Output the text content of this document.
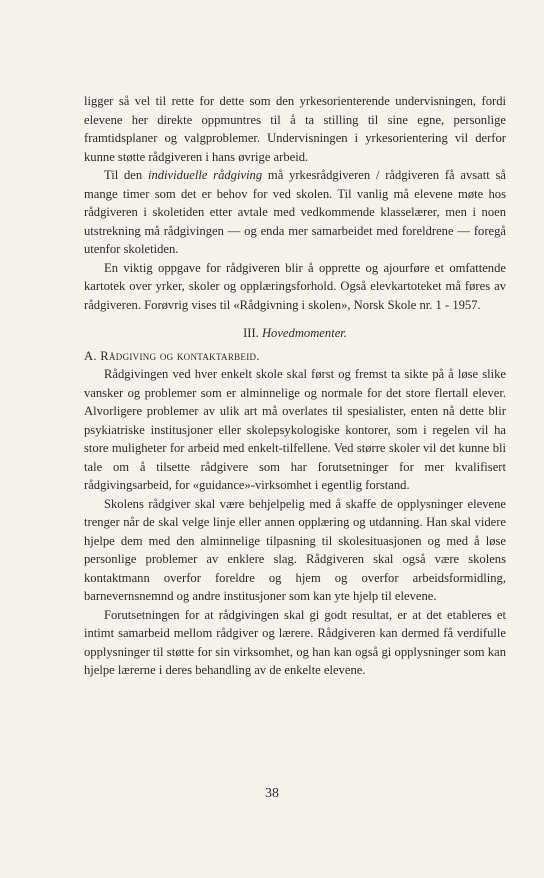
ligger så vel til rette for dette som den yrkesorienterende undervisningen, fordi elevene her direkte oppmuntres til å ta stilling til sine egne, personlige framtidsplaner og valgproblemer. Undervisningen i yrkesorientering vil derfor kunne støtte rådgiveren i hans øvrige arbeid.

Til den individuelle rådgiving må yrkesrådgiveren / rådgiveren få avsatt så mange timer som det er behov for ved skolen. Til vanlig må elevene møte hos rådgiveren i skoletiden etter avtale med vedkommende klasselærer, men i noen utstrekning må rådgivingen — og enda mer samarbeidet med foreldrene — foregå utenfor skoletiden.

En viktig oppgave for rådgiveren blir å opprette og ajourføre et omfattende kartotek over yrker, skoler og opplæringsforhold. Også elevkartoteket må føres av rådgiveren. Forøvrig vises til «Rådgivning i skolen», Norsk Skole nr. 1 - 1957.

III. Hovedmomenter.
A. Rådgiving og kontaktarbeid.

Rådgivingen ved hver enkelt skole skal først og fremst ta sikte på å løse slike vansker og problemer som er alminnelige og normale for det store flertall elever. Alvorligere problemer av ulik art må overlates til spesialister, enten nå dette blir psykiatriske institusjoner eller skolepsykologiske kontorer, som i regelen vil ha store muligheter for arbeid med enkelt-tilfellene. Ved større skoler vil det kunne bli tale om å tilsette rådgivere som har forutsetninger for mer kvalifisert rådgivingsarbeid, for «guidance»-virksomhet i egentlig forstand.

Skolens rådgiver skal være behjelpelig med å skaffe de opplysninger elevene trenger når de skal velge linje eller annen opplæring og utdanning. Han skal videre hjelpe dem med den alminnelige tilpasning til skolesituasjonen og med å løse personlige problemer av enklere slag. Rådgiveren skal også være skolens kontaktmann overfor foreldre og hjem og overfor arbeidsformidling, barnevernsnemnd og andre institusjoner som kan yte hjelp til elevene.

Forutsetningen for at rådgivingen skal gi godt resultat, er at det etableres et intimt samarbeid mellom rådgiver og lærere. Rådgiveren kan dermed få verdifulle opplysninger til støtte for sin virksomhet, og han kan også gi opplysninger som kan hjelpe lærerne i deres behandling av de enkelte elevene.

38
